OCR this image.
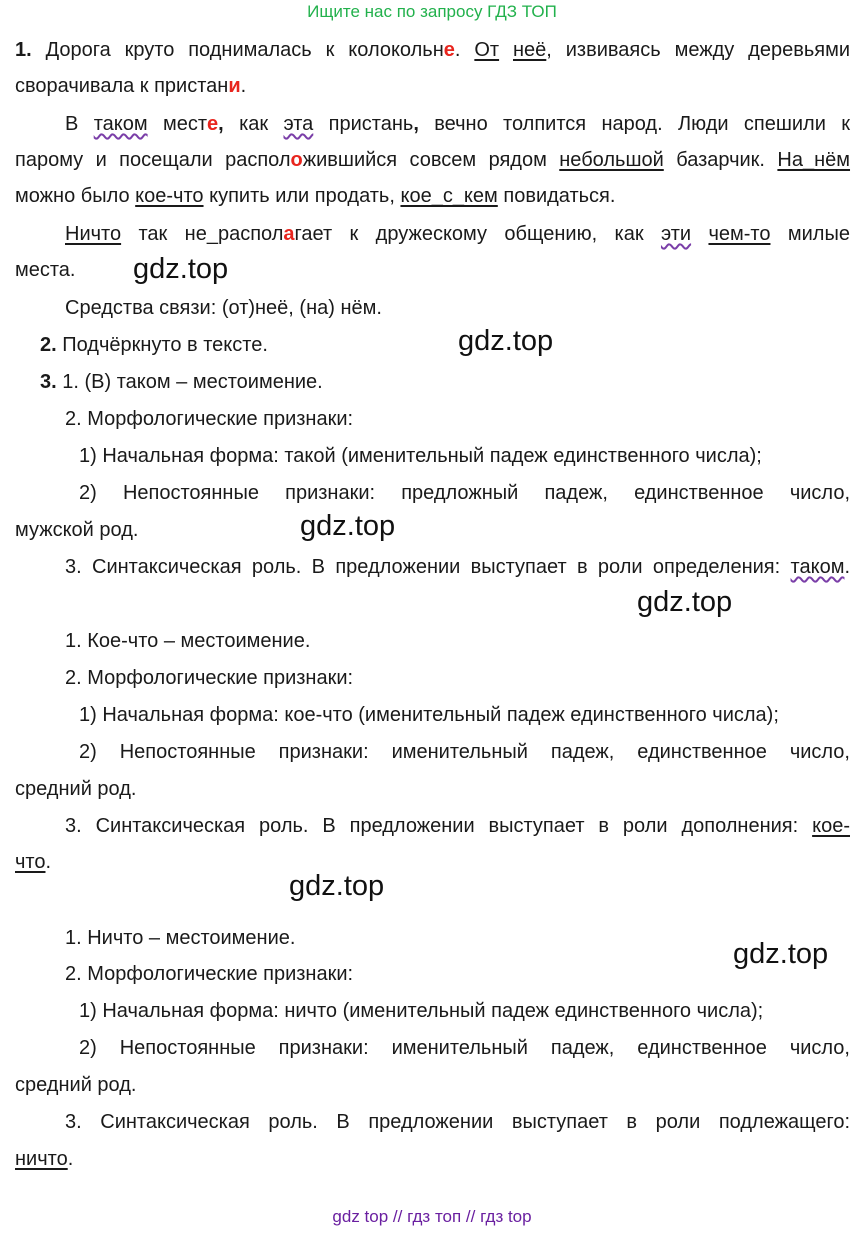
Ищите нас по запросу ГДЗ ТОП
1. Дорога круто поднималась к колокольне. От неё, извиваясь между деревьями
сворачивала к пристани.
В таком месте, как эта пристань, вечно толпится народ. Люди спешили к
парому и посещали расположившийся совсем рядом небольшой базарчик. На_нём
можно было кое-что купить или продать, кое_с_кем повидаться.
Ничто так не_располагает к дружескому общению, как эти чем-то милые
места.	gdz.top
Средства связи: (от)неё, (на) нём.
2. Подчёркнуто в тексте.	gdz.top
3. 1. (В) таком – местоимение.
2. Морфологические признаки:
1) Начальная форма: такой (именительный падеж единственного числа);
2) Непостоянные признаки: предложный падеж, единственное число,
мужской род.	gdz.top
3. Синтаксическая роль. В предложении выступает в роли определения: таком.
gdz.top
1. Кое-что – местоимение.
2. Морфологические признаки:
1) Начальная форма: кое-что (именительный падеж единственного числа);
2) Непостоянные признаки: именительный падеж, единственное число,
средний род.
3. Синтаксическая роль. В предложении выступает в роли дополнения: кое-
что.
gdz.top
1. Ничто – местоимение.	gdz.top
2. Морфологические признаки:
1) Начальная форма: ничто (именительный падеж единственного числа);
2) Непостоянные признаки: именительный падеж, единственное число,
средний род.
3. Синтаксическая роль. В предложении выступает в роли подлежащего:
ничто.
gdz top // гдз топ // гдз top
